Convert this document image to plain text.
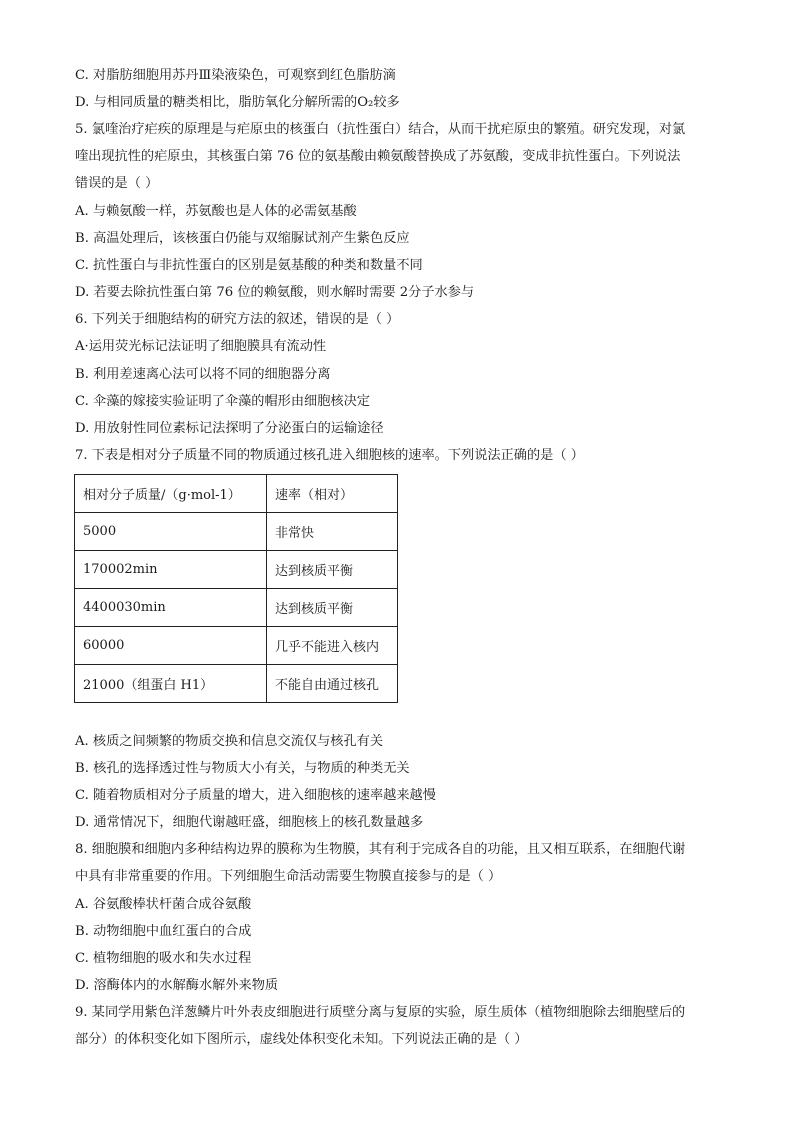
C. 对脂肪细胞用苏丹Ⅲ染液染色，可观察到红色脂肪滴
D. 与相同质量的糖类相比，脂肪氧化分解所需的O₂较多
5. 氯喹治疗疟疾的原理是与疟原虫的核蛋白（抗性蛋白）结合，从而干扰疟原虫的繁殖。研究发现，对氯
喹出现抗性的疟原虫，其核蛋白第 76 位的氨基酸由赖氨酸替换成了苏氨酸，变成非抗性蛋白。下列说法
错误的是（ ）
A. 与赖氨酸一样，苏氨酸也是人体的必需氨基酸
B. 高温处理后，该核蛋白仍能与双缩脲试剂产生紫色反应
C. 抗性蛋白与非抗性蛋白的区别是氨基酸的种类和数量不同
D. 若要去除抗性蛋白第 76 位的赖氨酸，则水解时需要 2分子水参与
6. 下列关于细胞结构的研究方法的叙述，错误的是（ ）
A·运用荧光标记法证明了细胞膜具有流动性
B. 利用差速离心法可以将不同的细胞器分离
C. 伞藻的嫁接实验证明了伞藻的帽形由细胞核决定
D. 用放射性同位素标记法探明了分泌蛋白的运输途径
7. 下表是相对分子质量不同的物质通过核孔进入细胞核的速率。下列说法正确的是（ ）
相对分子质量/（g·mol-1）	速率（相对）
5000	非常快
170002min	达到核质平衡
4400030min	达到核质平衡
60000	几乎不能进入核内
21000（组蛋白 H1）	不能自由通过核孔
A. 核质之间频繁的物质交换和信息交流仅与核孔有关
B. 核孔的选择透过性与物质大小有关，与物质的种类无关
C. 随着物质相对分子质量的增大，进入细胞核的速率越来越慢
D. 通常情况下，细胞代谢越旺盛，细胞核上的核孔数量越多
8. 细胞膜和细胞内多种结构边界的膜称为生物膜，其有利于完成各自的功能，且又相互联系，在细胞代谢
中具有非常重要的作用。下列细胞生命活动需要生物膜直接参与的是（ ）
A. 谷氨酸棒状杆菌合成谷氨酸
B. 动物细胞中血红蛋白的合成
C. 植物细胞的吸水和失水过程
D. 溶酶体内的水解酶水解外来物质
9. 某同学用紫色洋葱鳞片叶外表皮细胞进行质壁分离与复原的实验，原生质体（植物细胞除去细胞壁后的
部分）的体积变化如下图所示，虚线处体积变化未知。下列说法正确的是（ ）
